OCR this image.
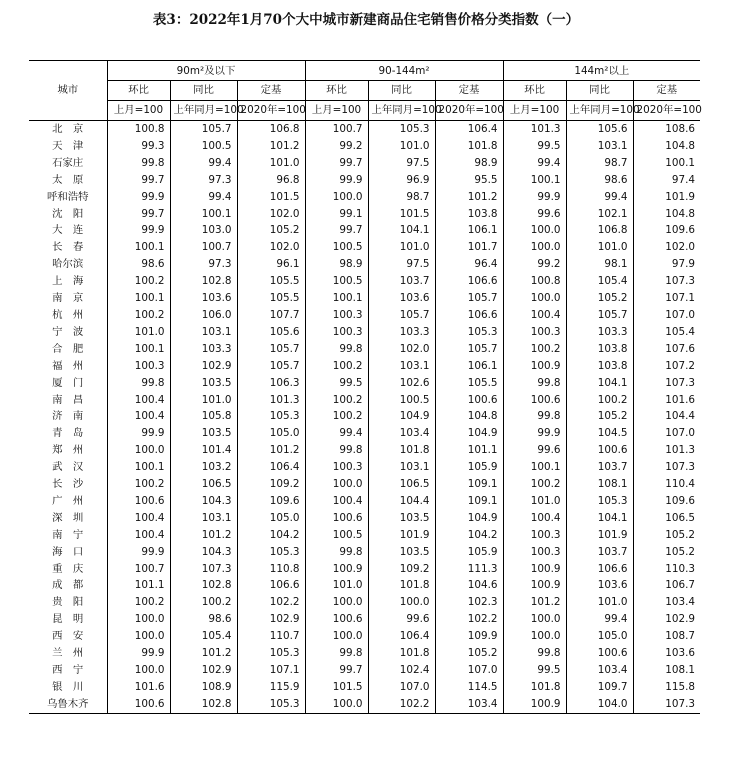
表3：2022年1月70个大中城市新建商品住宅销售价格分类指数（一）
城市	90m²及以下			90-144m²			144m²以上		
	环比	同比	定基	环比	同比	定基	环比	同比	定基
	上月=100	上年同月=100	2020年=100	上月=100	上年同月=100	2020年=100	上月=100	上年同月=100	2020年=100
北　京	100.8	105.7	106.8	100.7	105.3	106.4	101.3	105.6	108.6
天　津	99.3	100.5	101.2	99.2	101.0	101.8	99.5	103.1	104.8
石家庄	99.8	99.4	101.0	99.7	97.5	98.9	99.4	98.7	100.1
太　原	99.7	97.3	96.8	99.9	96.9	95.5	100.1	98.6	97.4
呼和浩特	99.9	99.4	101.5	100.0	98.7	101.2	99.9	99.4	101.9
沈　阳	99.7	100.1	102.0	99.1	101.5	103.8	99.6	102.1	104.8
大　连	99.9	103.0	105.2	99.7	104.1	106.1	100.0	106.8	109.6
长　春	100.1	100.7	102.0	100.5	101.0	101.7	100.0	101.0	102.0
哈尔滨	98.6	97.3	96.1	98.9	97.5	96.4	99.2	98.1	97.9
上　海	100.2	102.8	105.5	100.5	103.7	106.6	100.8	105.4	107.3
南　京	100.1	103.6	105.5	100.1	103.6	105.7	100.0	105.2	107.1
杭　州	100.2	106.0	107.7	100.3	105.7	106.6	100.4	105.7	107.0
宁　波	101.0	103.1	105.6	100.3	103.3	105.3	100.3	103.3	105.4
合　肥	100.1	103.3	105.7	99.8	102.0	105.7	100.2	103.8	107.6
福　州	100.3	102.9	105.7	100.2	103.1	106.1	100.9	103.8	107.2
厦　门	99.8	103.5	106.3	99.5	102.6	105.5	99.8	104.1	107.3
南　昌	100.4	101.0	101.3	100.2	100.5	100.6	100.6	100.2	101.6
济　南	100.4	105.8	105.3	100.2	104.9	104.8	99.8	105.2	104.4
青　岛	99.9	103.5	105.0	99.4	103.4	104.9	99.9	104.5	107.0
郑　州	100.0	101.4	101.2	99.8	101.8	101.1	99.6	100.6	101.3
武　汉	100.1	103.2	106.4	100.3	103.1	105.9	100.1	103.7	107.3
长　沙	100.2	106.5	109.2	100.0	106.5	109.1	100.2	108.1	110.4
广　州	100.6	104.3	109.6	100.4	104.4	109.1	101.0	105.3	109.6
深　圳	100.4	103.1	105.0	100.6	103.5	104.9	100.4	104.1	106.5
南　宁	100.4	101.2	104.2	100.5	101.9	104.2	100.3	101.9	105.2
海　口	99.9	104.3	105.3	99.8	103.5	105.9	100.3	103.7	105.2
重　庆	100.7	107.3	110.8	100.9	109.2	111.3	100.9	106.6	110.3
成　都	101.1	102.8	106.6	101.0	101.8	104.6	100.9	103.6	106.7
贵　阳	100.2	100.2	102.2	100.0	100.0	102.3	101.2	101.0	103.4
昆　明	100.0	98.6	102.9	100.6	99.6	102.2	100.0	99.4	102.9
西　安	100.0	105.4	110.7	100.0	106.4	109.9	100.0	105.0	108.7
兰　州	99.9	101.2	105.3	99.8	101.8	105.2	99.8	100.6	103.6
西　宁	100.0	102.9	107.1	99.7	102.4	107.0	99.5	103.4	108.1
银　川	101.6	108.9	115.9	101.5	107.0	114.5	101.8	109.7	115.8
乌鲁木齐	100.6	102.8	105.3	100.0	102.2	103.4	100.9	104.0	107.3
